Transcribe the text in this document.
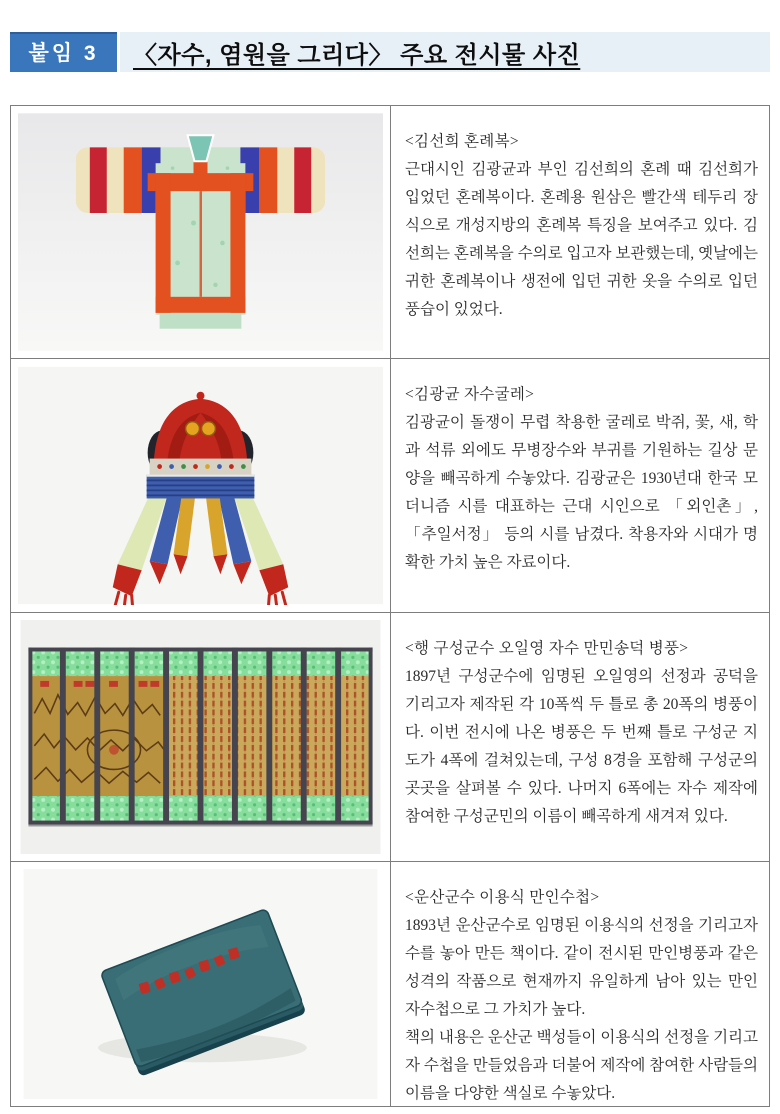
붙임 3	〈자수, 염원을 그리다〉 주요 전시물 사진
<김선희 혼례복>

근대시인 김광균과 부인 김선희의 혼례 때 김선희가 입었던 혼례복이다. 혼례용 원삼은 빨간색 테두리 장식으로 개성지방의 혼례복 특징을 보여주고 있다. 김선희는 혼례복을 수의로 입고자 보관했는데, 옛날에는 귀한 혼례복이나 생전에 입던 귀한 옷을 수의로 입던 풍습이 있었다.

<김광균 자수굴레>

김광균이 돌쟁이 무렵 착용한 굴레로 박쥐, 꽃, 새, 학과 석류 외에도 무병장수와 부귀를 기원하는 길상 문양을 빼곡하게 수놓았다. 김광균은 1930년대 한국 모더니즘 시를 대표하는 근대 시인으로 「외인촌」,「추일서정」 등의 시를 남겼다. 착용자와 시대가 명확한 가치 높은 자료이다.

<행 구성군수 오일영 자수 만민송덕 병풍>

1897년 구성군수에 임명된 오일영의 선정과 공덕을 기리고자 제작된 각 10폭씩 두 틀로 총 20폭의 병풍이다. 이번 전시에 나온 병풍은 두 번째 틀로 구성군 지도가 4폭에 걸쳐있는데, 구성 8경을 포함해 구성군의 곳곳을 살펴볼 수 있다. 나머지 6폭에는 자수 제작에 참여한 구성군민의 이름이 빼곡하게 새겨져 있다.

<운산군수 이용식 만인수첩>

1893년 운산군수로 임명된 이용식의 선정을 기리고자 수를 놓아 만든 책이다. 같이 전시된 만인병풍과 같은 성격의 작품으로 현재까지 유일하게 남아 있는 만인 자수첩으로 그 가치가 높다.

책의 내용은 운산군 백성들이 이용식의 선정을 기리고자 수첩을 만들었음과 더불어 제작에 참여한 사람들의 이름을 다양한 색실로 수놓았다.
